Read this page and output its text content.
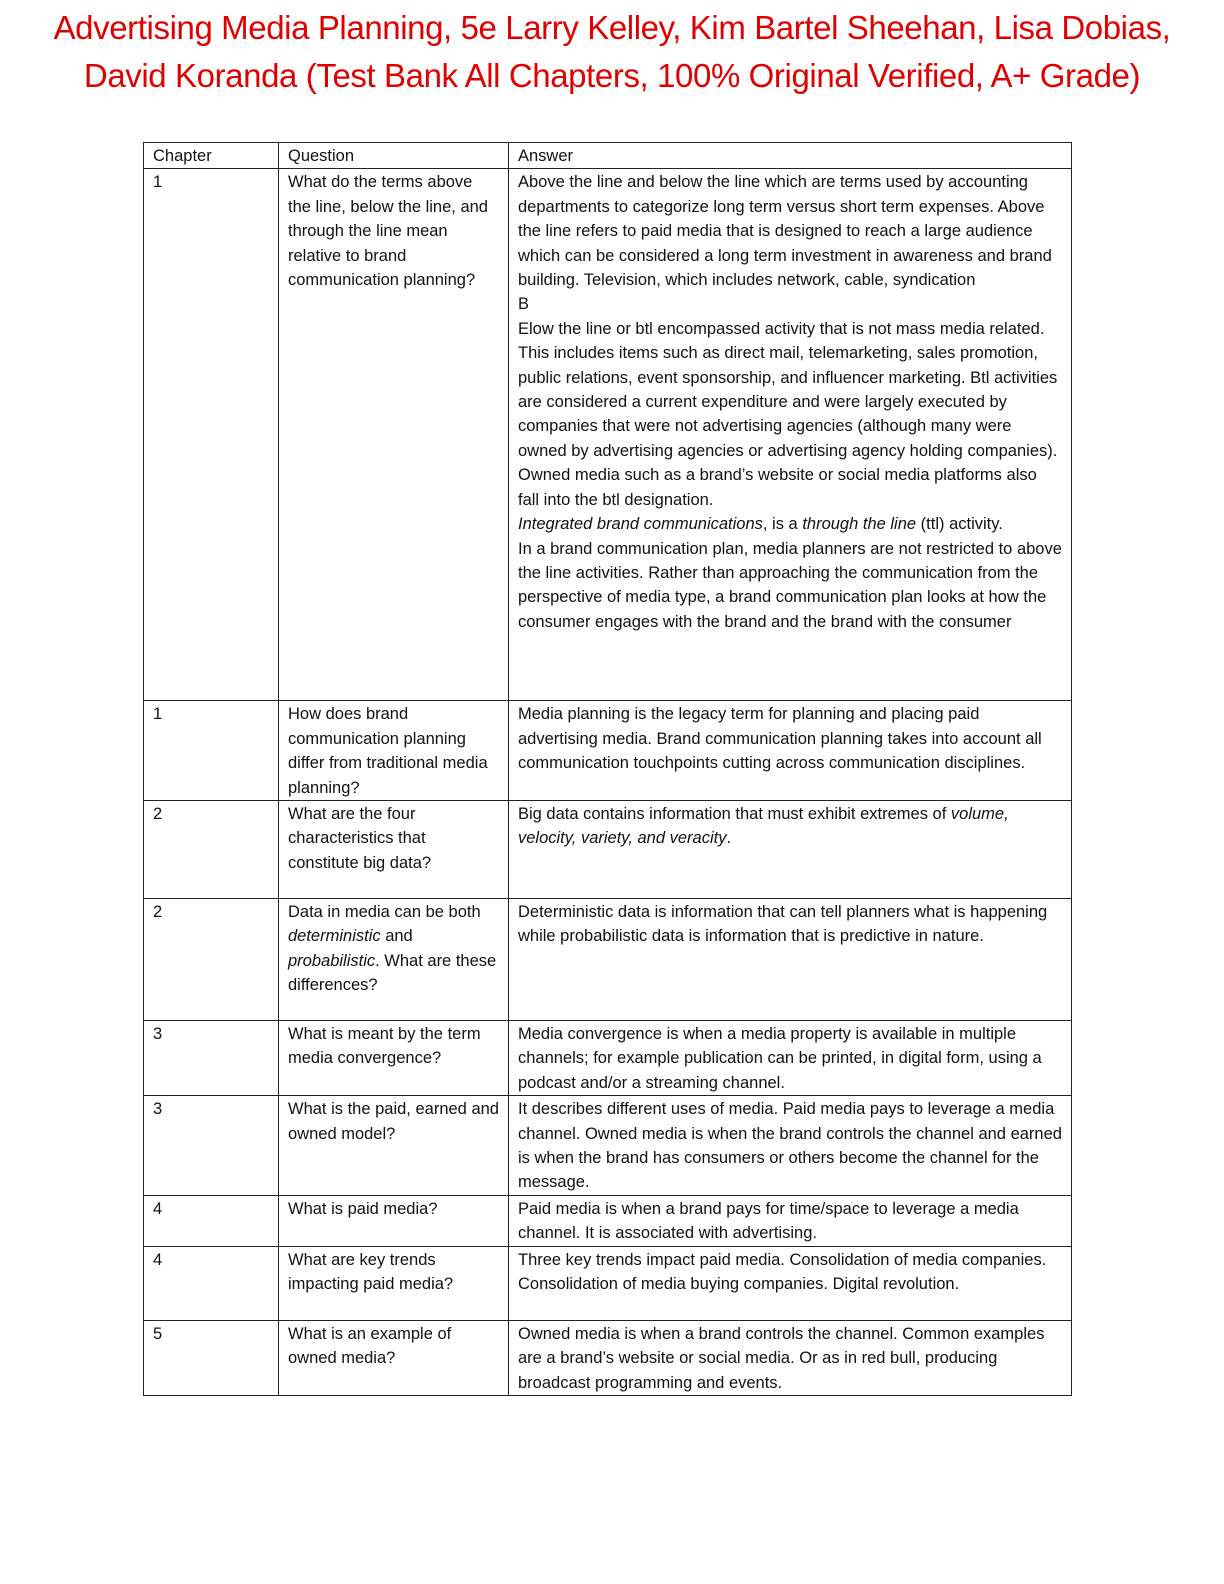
Advertising Media Planning, 5e Larry Kelley, Kim Bartel Sheehan, Lisa Dobias, David Koranda (Test Bank All Chapters, 100% Original Verified, A+ Grade)
Chapter	Question	Answer
1	What do the terms above the line, below the line, and through the line mean relative to brand communication planning?	Above the line and below the line which are terms used by accounting departments to categorize long term versus short term expenses. Above the line refers to paid media that is designed to reach a large audience which can be considered a long term investment in awareness and brand building. Television, which includes network, cable, syndication
B
Elow the line or btl encompassed activity that is not mass media related. This includes items such as direct mail, telemarketing, sales promotion, public relations, event sponsorship, and influencer marketing. Btl activities are considered a current expenditure and were largely executed by companies that were not advertising agencies (although many were owned by advertising agencies or advertising agency holding companies). Owned media such as a brand’s website or social media platforms also fall into the btl designation.
Integrated brand communications, is a through the line (ttl) activity.
In a brand communication plan, media planners are not restricted to above the line activities. Rather than approaching the communication from the perspective of media type, a brand communication plan looks at how the consumer engages with the brand and the brand with the consumer

1	How does brand communication planning differ from traditional media planning?	Media planning is the legacy term for planning and placing paid advertising media. Brand communication planning takes into account all communication touchpoints cutting across communication disciplines.
2	What are the four characteristics that constitute big data?	Big data contains information that must exhibit extremes of volume, velocity, variety, and veracity.
2	Data in media can be both deterministic and probabilistic. What are these differences?	Deterministic data is information that can tell planners what is happening while probabilistic data is information that is predictive in nature.
3	What is meant by the term media convergence?	Media convergence is when a media property is available in multiple channels; for example publication can be printed, in digital form, using a podcast and/or a streaming channel.
3	What is the paid, earned and owned model?	It describes different uses of media. Paid media pays to leverage a media channel. Owned media is when the brand controls the channel and earned is when the brand has consumers or others become the channel for the message.
4	What is paid media?	Paid media is when a brand pays for time/space to leverage a media channel. It is associated with advertising.
4	What are key trends impacting paid media?	Three key trends impact paid media. Consolidation of media companies. Consolidation of media buying companies. Digital revolution.
5	What is an example of owned media?	Owned media is when a brand controls the channel. Common examples are a brand’s website or social media. Or as in red bull, producing broadcast programming and events.
